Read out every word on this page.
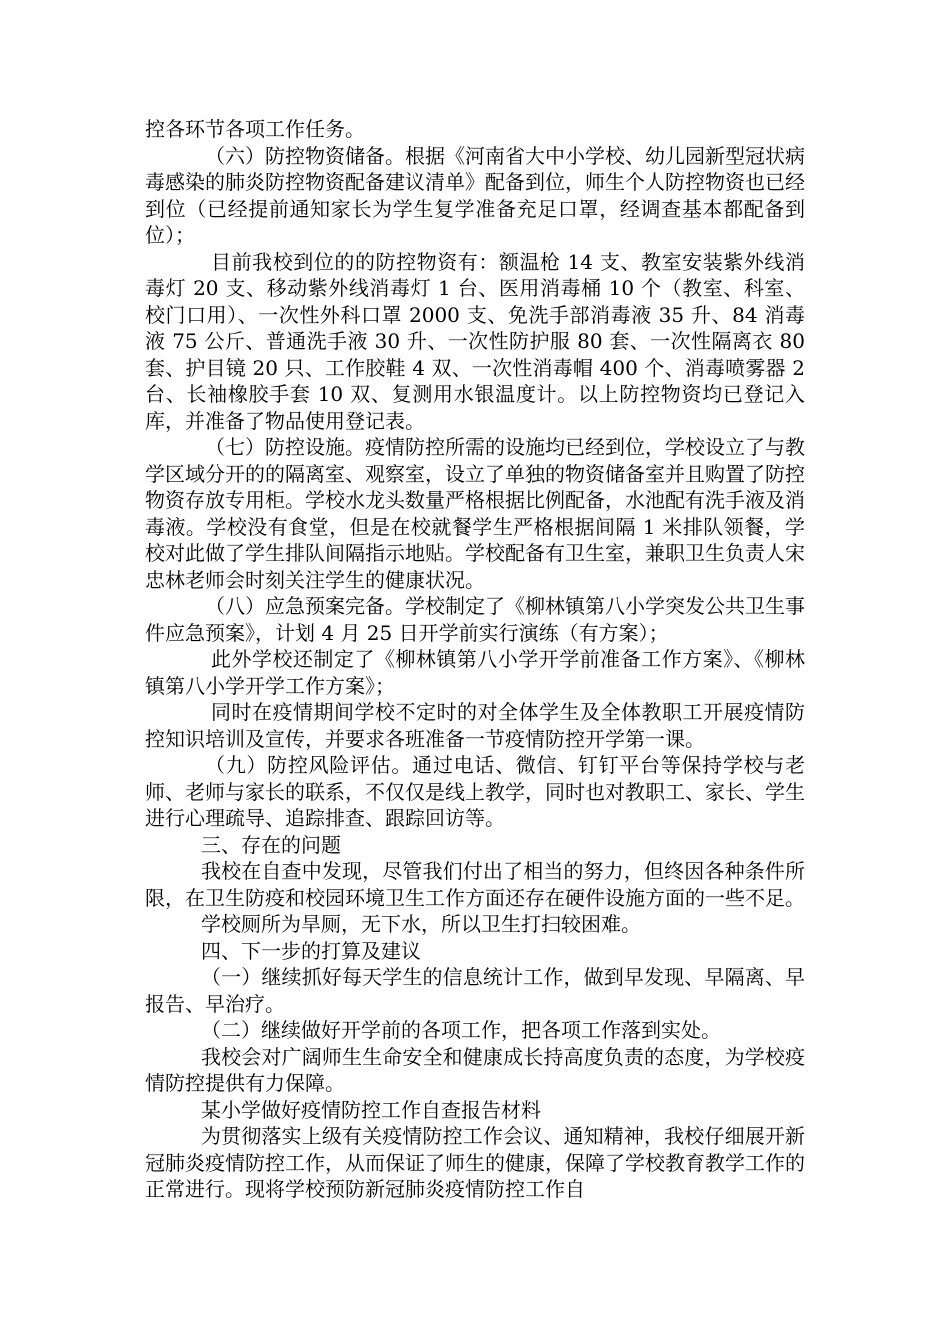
控各环节各项工作任务。

（六）防控物资储备。根据《河南省大中小学校、幼儿园新型冠状病毒感染的肺炎防控物资配备建议清单》配备到位，师生个人防控物资也已经到位（已经提前通知家长为学生复学准备充足口罩，经调查基本都配备到位）；

目前我校到位的的防控物资有：额温枪 14 支、教室安装紫外线消毒灯 20 支、移动紫外线消毒灯 1 台、医用消毒桶 10 个（教室、科室、校门口用）、一次性外科口罩 2000 支、免洗手部消毒液 35 升、84 消毒液 75 公斤、普通洗手液 30 升、一次性防护服 80 套、一次性隔离衣 80 套、护目镜 20 只、工作胶鞋 4 双、一次性消毒帽 400 个、消毒喷雾器 2 台、长袖橡胶手套 10 双、复测用水银温度计。以上防控物资均已登记入库，并准备了物品使用登记表。

（七）防控设施。疫情防控所需的设施均已经到位，学校设立了与教学区域分开的的隔离室、观察室，设立了单独的物资储备室并且购置了防控物资存放专用柜。学校水龙头数量严格根据比例配备，水池配有洗手液及消毒液。学校没有食堂，但是在校就餐学生严格根据间隔 1 米排队领餐，学校对此做了学生排队间隔指示地贴。学校配备有卫生室，兼职卫生负责人宋忠林老师会时刻关注学生的健康状况。

（八）应急预案完备。学校制定了《柳林镇第八小学突发公共卫生事件应急预案》，计划 4 月 25 日开学前实行演练（有方案）；

此外学校还制定了《柳林镇第八小学开学前准备工作方案》、《柳林镇第八小学开学工作方案》；

同时在疫情期间学校不定时的对全体学生及全体教职工开展疫情防控知识培训及宣传，并要求各班准备一节疫情防控开学第一课。

（九）防控风险评估。通过电话、微信、钉钉平台等保持学校与老师、老师与家长的联系，不仅仅是线上教学，同时也对教职工、家长、学生进行心理疏导、追踪排查、跟踪回访等。

三、存在的问题

我校在自查中发现，尽管我们付出了相当的努力，但终因各种条件所限，在卫生防疫和校园环境卫生工作方面还存在硬件设施方面的一些不足。

学校厕所为旱厕，无下水，所以卫生打扫较困难。

四、下一步的打算及建议

（一）继续抓好每天学生的信息统计工作，做到早发现、早隔离、早报告、早治疗。

（二）继续做好开学前的各项工作，把各项工作落到实处。

我校会对广阔师生生命安全和健康成长持高度负责的态度，为学校疫情防控提供有力保障。

某小学做好疫情防控工作自查报告材料

为贯彻落实上级有关疫情防控工作会议、通知精神，我校仔细展开新冠肺炎疫情防控工作，从而保证了师生的健康，保障了学校教育教学工作的正常进行。现将学校预防新冠肺炎疫情防控工作自
